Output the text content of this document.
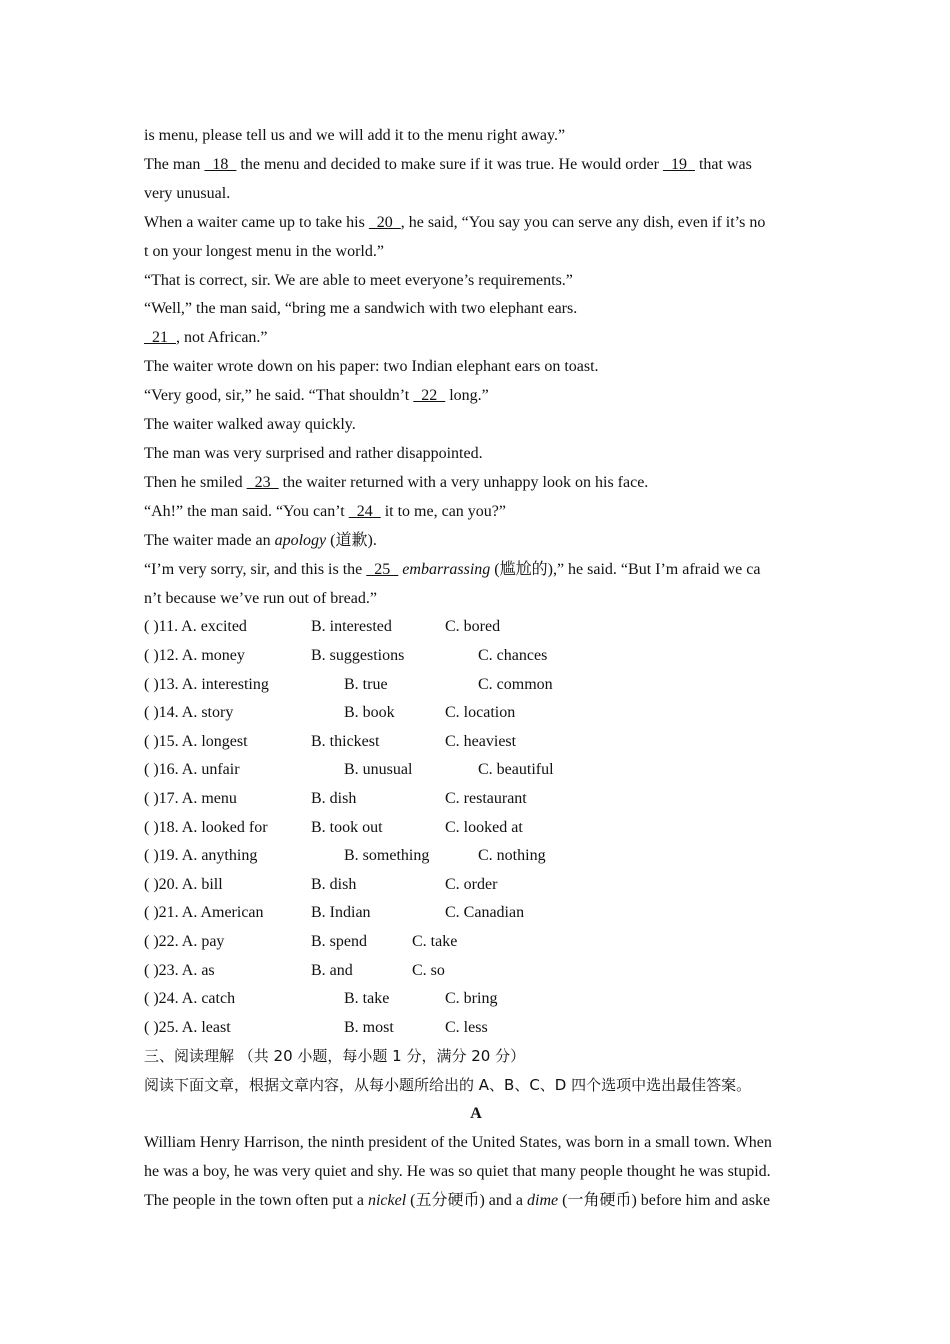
is menu, please tell us and we will add it to the menu right away.”
The man   18   the menu and decided to make sure if it was true. He would order   19   that was
very unusual.
When a waiter came up to take his   20  , he said, “You say you can serve any dish, even if it’s no
t on your longest menu in the world.”
“That is correct, sir. We are able to meet everyone’s requirements.”
“Well,” the man said, “bring me a sandwich with two elephant ears.
21  , not African.”
The waiter wrote down on his paper: two Indian elephant ears on toast.
“Very good, sir,” he said. “That shouldn’t   22   long.”
The waiter walked away quickly.
The man was very surprised and rather disappointed.
Then he smiled   23   the waiter returned with a very unhappy look on his face.
“Ah!” the man said. “You can’t   24   it to me, can you?”
The waiter made an apology (道歉).
“I’m very sorry, sir, and this is the   25   embarrassing (尴尬的),” he said. “But I’m afraid we ca
n’t because we’ve run out of bread.”
( )11. A. excited	B. interested	C. bored
( )12. A. money	B. suggestions	C. chances
( )13. A. interesting	B. true	C. common
( )14. A. story	B. book	C. location
( )15. A. longest	B. thickest	C. heaviest
( )16. A. unfair	B. unusual	C. beautiful
( )17. A. menu	B. dish	C. restaurant
( )18. A. looked for	B. took out	C. looked at
( )19. A. anything	B. something	C. nothing
( )20. A. bill	B. dish	C. order
( )21. A. American	B. Indian	C. Canadian
( )22. A. pay	B. spend	C. take
( )23. A. as	B. and	C. so
( )24. A. catch	B. take	C. bring
( )25. A. least	B. most	C. less
三、阅读理解 （共 20 小题，每小题 1 分，满分 20 分）
阅读下面文章，根据文章内容，从每小题所给出的 A、B、C、D 四个选项中选出最佳答案。
A
William Henry Harrison, the ninth president of the United States, was born in a small town. When
he was a boy, he was very quiet and shy. He was so quiet that many people thought he was stupid.
The people in the town often put a nickel (五分硬币) and a dime (一角硬币) before him and aske
